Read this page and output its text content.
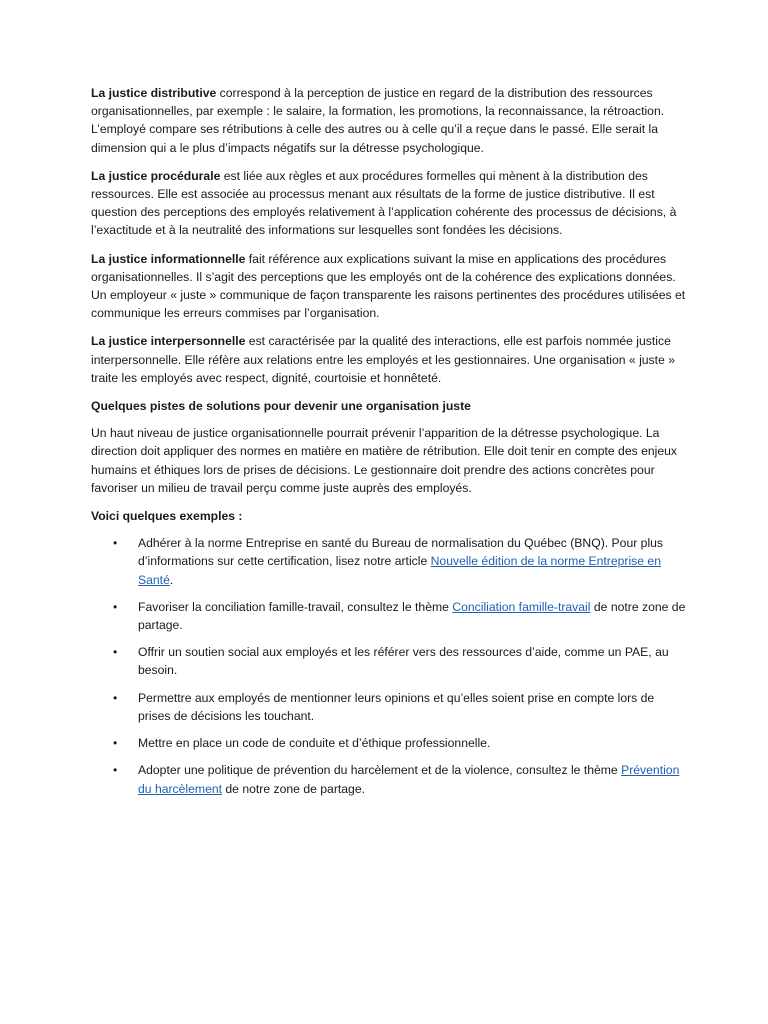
La justice distributive correspond à la perception de justice en regard de la distribution des ressources organisationnelles, par exemple : le salaire, la formation, les promotions, la reconnaissance, la rétroaction. L’employé compare ses rétributions à celle des autres ou à celle qu’il a reçue dans le passé. Elle serait la dimension qui a le plus d’impacts négatifs sur la détresse psychologique.

La justice procédurale est liée aux règles et aux procédures formelles qui mènent à la distribution des ressources. Elle est associée au processus menant aux résultats de la forme de justice distributive. Il est question des perceptions des employés relativement à l’application cohérente des processus de décisions, à l’exactitude et à la neutralité des informations sur lesquelles sont fondées les décisions.

La justice informationnelle fait référence aux explications suivant la mise en applications des procédures organisationnelles. Il s’agit des perceptions que les employés ont de la cohérence des explications données. Un employeur « juste » communique de façon transparente les raisons pertinentes des procédures utilisées et communique les erreurs commises par l’organisation.

La justice interpersonnelle est caractérisée par la qualité des interactions, elle est parfois nommée justice interpersonnelle. Elle réfère aux relations entre les employés et les gestionnaires. Une organisation « juste » traite les employés avec respect, dignité, courtoisie et honnêteté.

Quelques pistes de solutions pour devenir une organisation juste

Un haut niveau de justice organisationnelle pourrait prévenir l’apparition de la détresse psychologique. La direction doit appliquer des normes en matière en matière de rétribution. Elle doit tenir en compte des enjeux humains et éthiques lors de prises de décisions. Le gestionnaire doit prendre des actions concrètes pour favoriser un milieu de travail perçu comme juste auprès des employés.

Voici quelques exemples :

• Adhérer à la norme Entreprise en santé du Bureau de normalisation du Québec (BNQ). Pour plus d’informations sur cette certification, lisez notre article Nouvelle édition de la norme Entreprise en Santé.
• Favoriser la conciliation famille-travail, consultez le thème Conciliation famille-travail de notre zone de partage.
• Offrir un soutien social aux employés et les référer vers des ressources d’aide, comme un PAE, au besoin.
• Permettre aux employés de mentionner leurs opinions et qu’elles soient prise en compte lors de prises de décisions les touchant.
• Mettre en place un code de conduite et d’éthique professionnelle.
• Adopter une politique de prévention du harcèlement et de la violence, consultez le thème Prévention du harcèlement de notre zone de partage.
